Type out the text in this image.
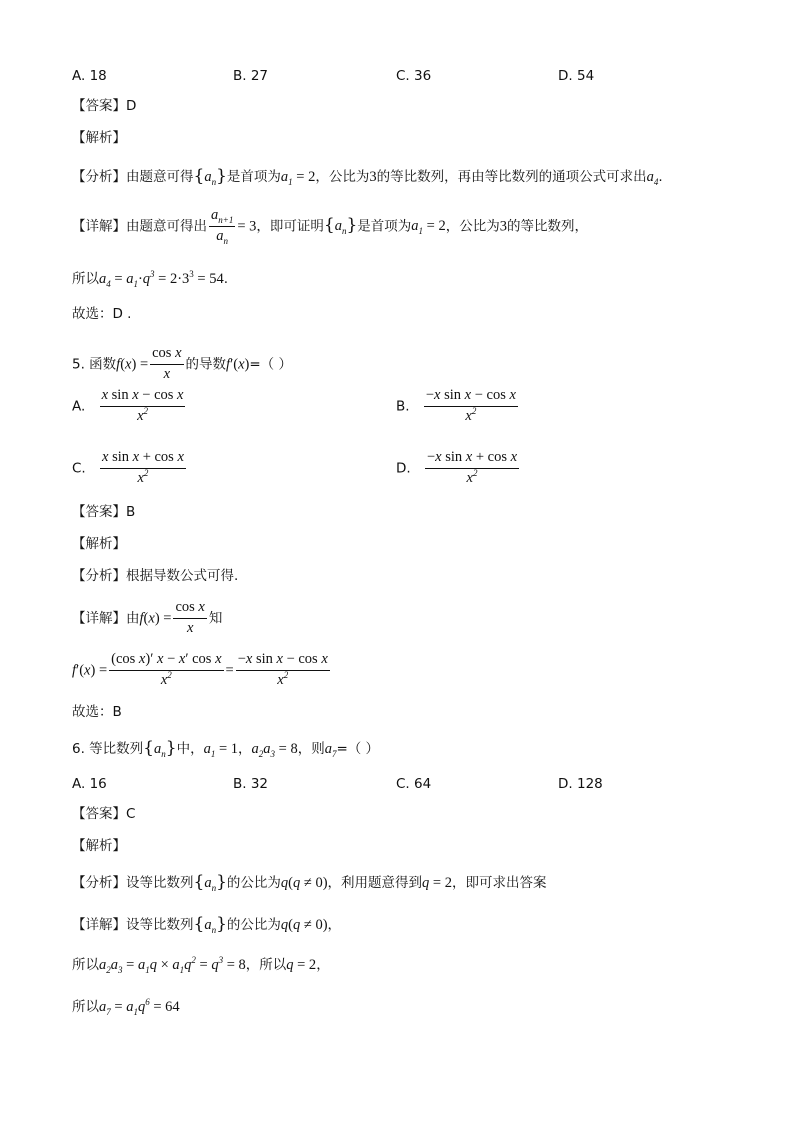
A. 18	B. 27	C. 36	D. 54
【答案】D
【解析】
【分析】由题意可得$\{a_n\}$是首项为$a_1 = 2$，公比为3的等比数列，再由等比数列的通项公式可求出$a_4$.
【详解】由题意可得出 $\frac{a_{n+1}}{a_n} = 3$，即可证明$\{a_n\}$是首项为$a_1 = 2$，公比为3的等比数列，
所以$a_4 = a_1\cdot q^3 = 2\cdot 3^3 = 54$.
故选：D .
5. 函数$f(x) = \frac{\text{cos x}}{x}$ 的导数f′(x)=（ ）
A. $\frac{\text{x sin x − cos x}}{x^2}$	B. $\frac{\text{−x sin x − cos x}}{x^2}$
C. $\frac{\text{x sin x + cos x}}{x^2}$	D. $\frac{\text{−x sin x + cos x}}{x^2}$
【答案】B
【解析】
【分析】根据导数公式可得.
【详解】由$f(x) = \frac{\text{cos x}}{x}$ 知
$f'(x) = \frac{\text{(cos x)′ x − x′ cos x}}{x^2} = \frac{\text{−x sin x − cos x}}{x^2}$
故选：B
6. 等比数列$\{a_n\}$中，$a_1 = 1$，$a_2a_3 = 8$，则$a_7=$（ ）
A. 16	B. 32	C. 64	D. 128
【答案】C
【解析】
【分析】设等比数列$\{a_n\}$的公比为q(q ≠ 0)，利用题意得到q = 2，即可求出答案
【详解】设等比数列$\{a_n\}$的公比为q(q ≠ 0)，
所以$a_2a_3 = a_1q \times a_1q^2 = q^3 = 8$，所以q = 2，
所以$a_7 = a_1q^6 = 64$
